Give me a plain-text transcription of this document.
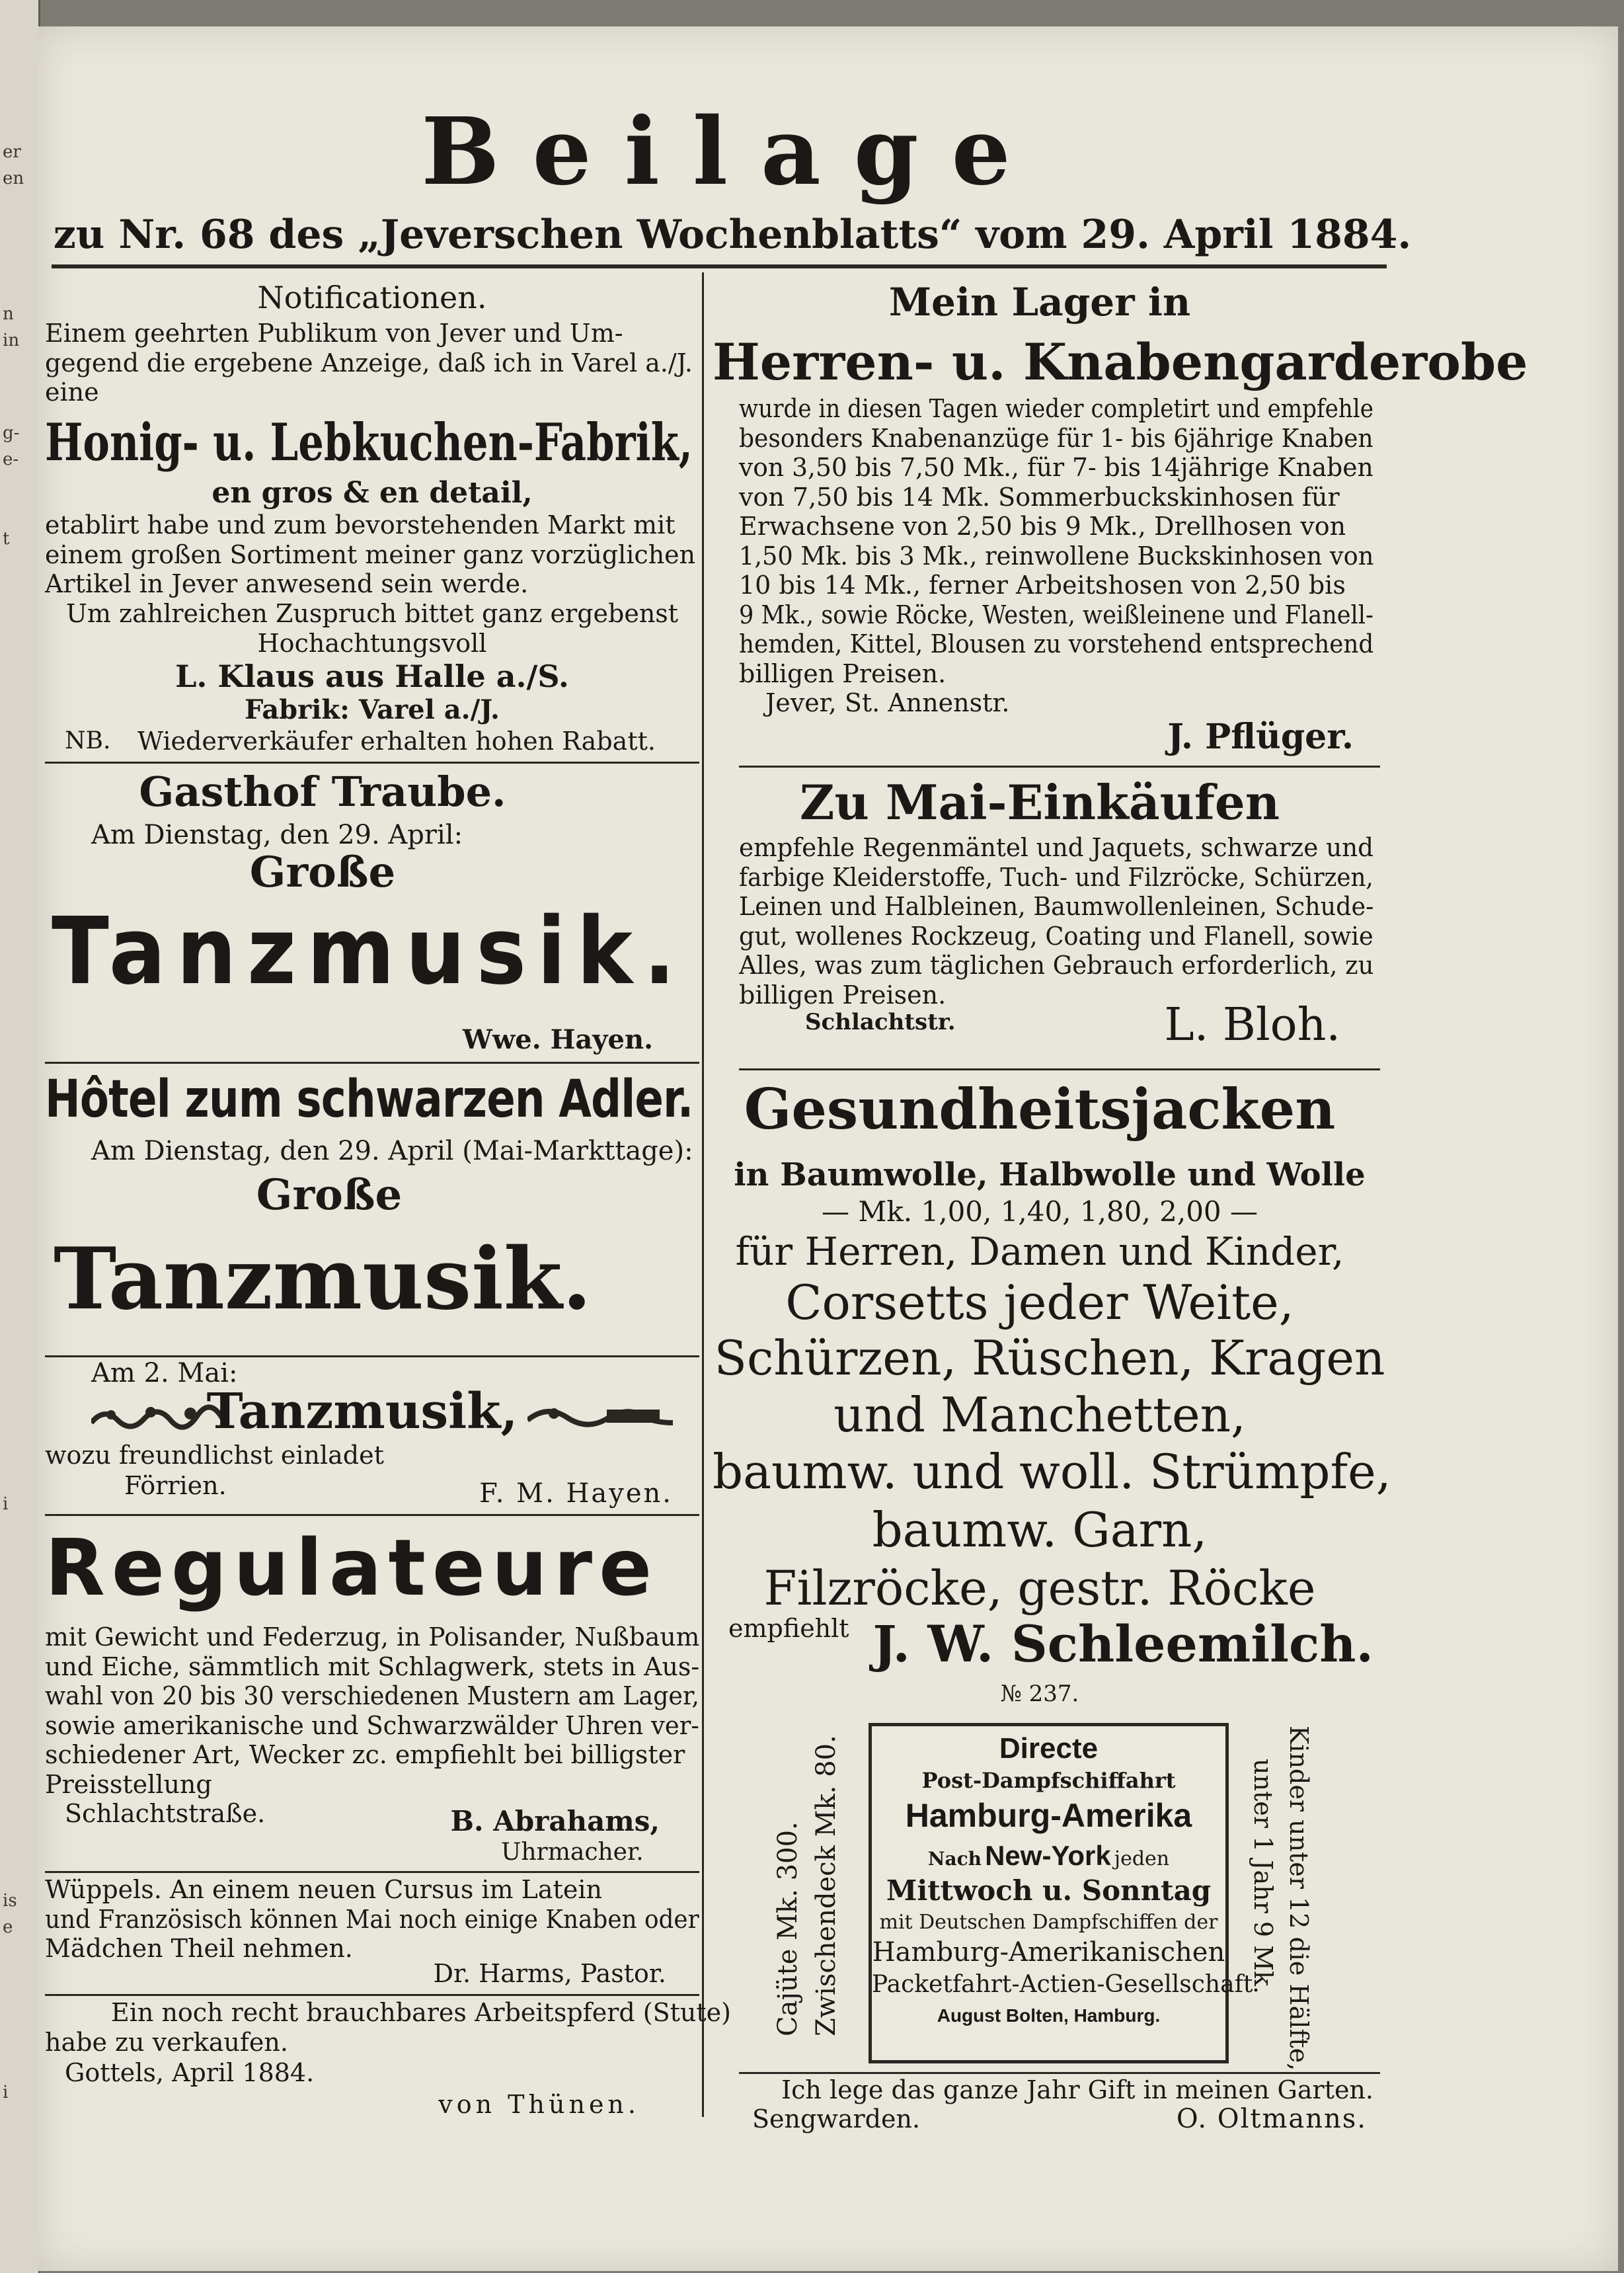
er
en
n
in
g-
e-
t
i
is
e
i
Beilage
zu Nr. 68 des „Jeverschen Wochenblatts“ vom 29. April 1884.
Notificationen.
Einem geehrten Publikum von Jever und Um-
gegend die ergebene Anzeige, daß ich in Varel a./J.
eine
Honig- u. Lebkuchen-Fabrik,
en gros & en detail,
etablirt habe und zum bevorstehenden Markt mit
einem großen Sortiment meiner ganz vorzüglichen
Artikel in Jever anwesend sein werde.
Um zahlreichen Zuspruch bittet ganz ergebenst
Hochachtungsvoll
L. Klaus aus Halle a./S.
Fabrik: Varel a./J.
NB. Wiederverkäufer erhalten hohen Rabatt.
Gasthof Traube.
Am Dienstag, den 29. April:
Große
Tanzmusik.
Wwe. Hayen.
Hôtel zum schwarzen Adler.
Am Dienstag, den 29. April (Mai-Markttage):
Große
Tanzmusik.
Am 2. Mai:
Tanzmusik,
wozu freundlichst einladet
Förrien.	F. M. Hayen.
Regulateure
mit Gewicht und Federzug, in Polisander, Nußbaum
und Eiche, sämmtlich mit Schlagwerk, stets in Aus-
wahl von 20 bis 30 verschiedenen Mustern am Lager,
sowie amerikanische und Schwarzwälder Uhren ver-
schiedener Art, Wecker zc. empfiehlt bei billigster
Preisstellung
Schlachtstraße.	B. Abrahams,
Uhrmacher.
Wüppels. An einem neuen Cursus im Latein
und Französisch können Mai noch einige Knaben oder
Mädchen Theil nehmen.
Dr. Harms, Pastor.
Ein noch recht brauchbares Arbeitspferd (Stute)
habe zu verkaufen.
Gottels, April 1884.
von Thünen.
Mein Lager in
Herren- u. Knabengarderobe
wurde in diesen Tagen wieder completirt und empfehle
besonders Knabenanzüge für 1- bis 6jährige Knaben
von 3,50 bis 7,50 Mk., für 7- bis 14jährige Knaben
von 7,50 bis 14 Mk. Sommerbuckskinhosen für
Erwachsene von 2,50 bis 9 Mk., Drellhosen von
1,50 Mk. bis 3 Mk., reinwollene Buckskinhosen von
10 bis 14 Mk., ferner Arbeitshosen von 2,50 bis
9 Mk., sowie Röcke, Westen, weißleinene und Flanell-
hemden, Kittel, Blousen zu vorstehend entsprechend
billigen Preisen.
Jever, St. Annenstr.
J. Pflüger.
Zu Mai-Einkäufen
empfehle Regenmäntel und Jaquets, schwarze und
farbige Kleiderstoffe, Tuch- und Filzröcke, Schürzen,
Leinen und Halbleinen, Baumwollenleinen, Schude-
gut, wollenes Rockzeug, Coating und Flanell, sowie
Alles, was zum täglichen Gebrauch erforderlich, zu
billigen Preisen.
Schlachtstr.	L. Bloh.
Gesundheitsjacken
in Baumwolle, Halbwolle und Wolle
— Mk. 1,00, 1,40, 1,80, 2,00 —
für Herren, Damen und Kinder,
Corsetts jeder Weite,
Schürzen, Rüschen, Kragen
und Manchetten,
baumw. und woll. Strümpfe,
baumw. Garn,
Filzröcke, gestr. Röcke
empfiehlt J. W. Schleemilch.
№ 237.
Cajüte Mk. 300. Zwischendeck Mk. 80.	Directe
Post-Dampfschiffahrt
Hamburg-Amerika
Nach New-York jeden
Mittwoch u. Sonntag
mit Deutschen Dampfschiffen der
Hamburg-Amerikanischen
Packetfahrt-Actien-Gesellschaft
August Bolten, Hamburg.	Kinder unter 12 die Hälfte,
unter 1 Jahr 9 Mk.
Ich lege das ganze Jahr Gift in meinen Garten.
Sengwarden.	O. Oltmanns.
